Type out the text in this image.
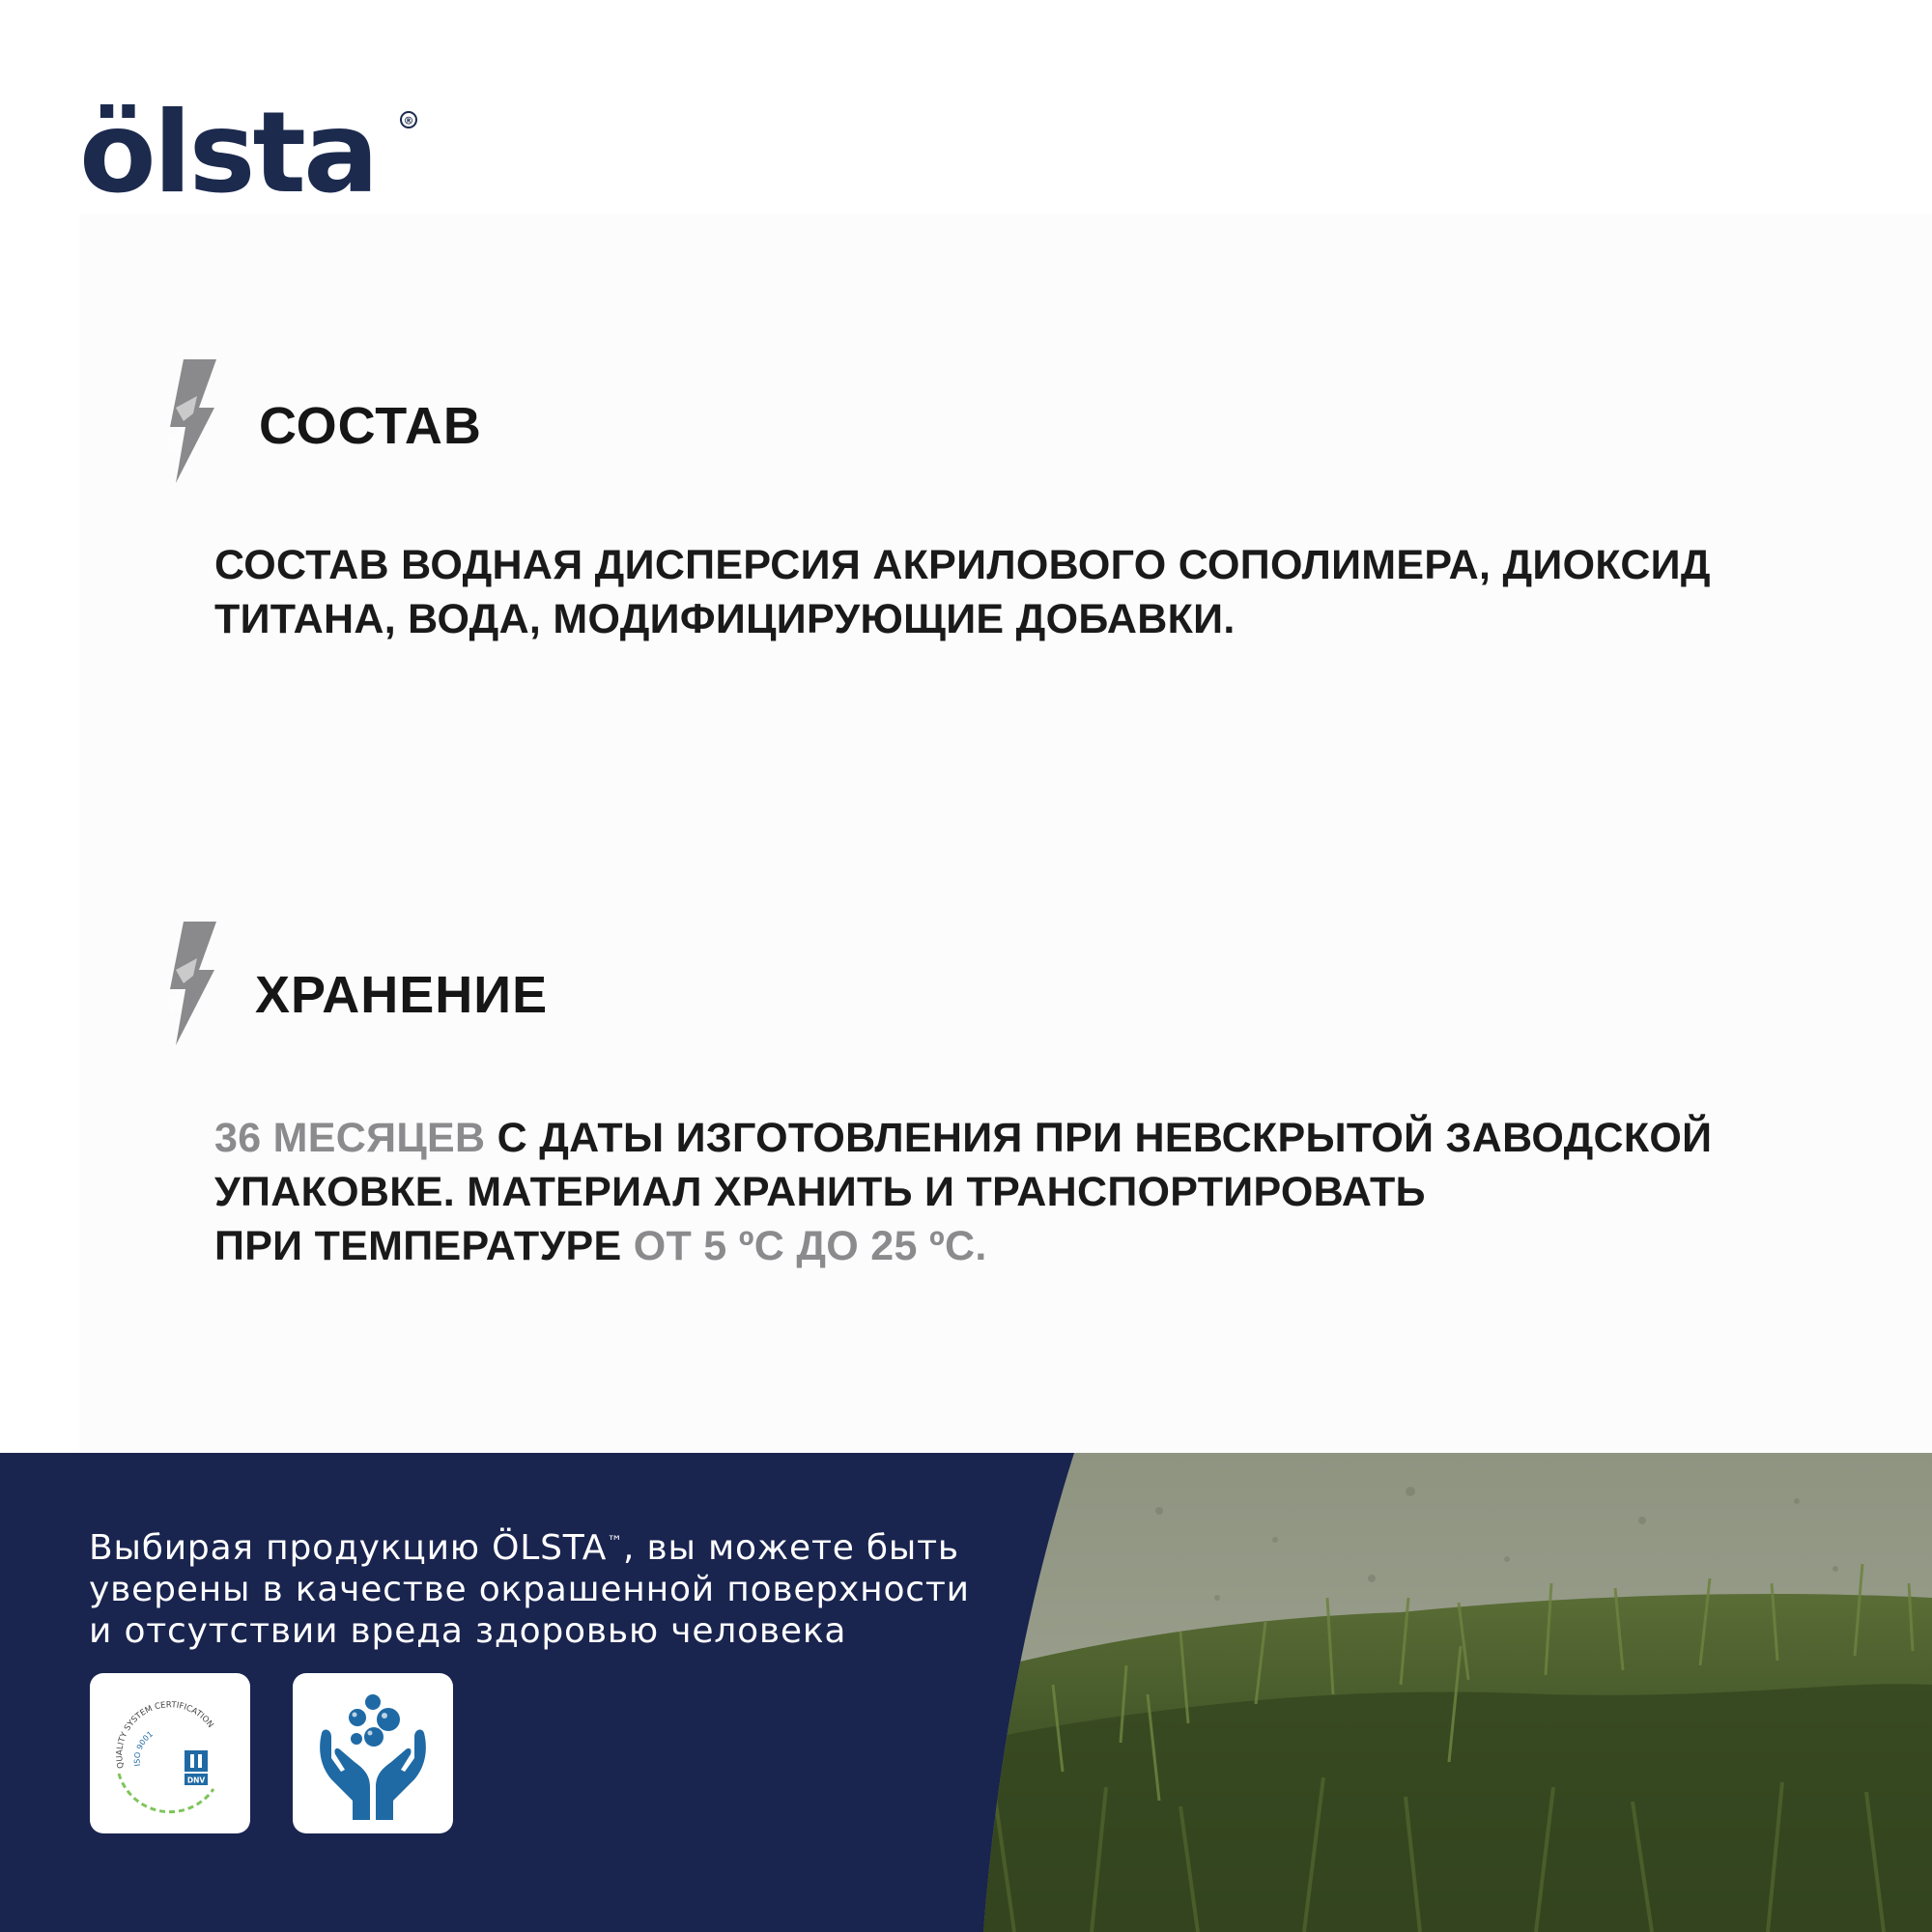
ölsta	®
СОСТАВ

СОСТАВ ВОДНАЯ ДИСПЕРСИЯ АКРИЛОВОГО СОПОЛИМЕРА, ДИОКСИД
ТИТАНА, ВОДА, МОДИФИЦИРУЮЩИЕ ДОБАВКИ.

ХРАНЕНИЕ

36 МЕСЯЦЕВ С ДАТЫ ИЗГОТОВЛЕНИЯ ПРИ НЕВСКРЫТОЙ ЗАВОДСКОЙ
УПАКОВКЕ. МАТЕРИАЛ ХРАНИТЬ И ТРАНСПОРТИРОВАТЬ
ПРИ ТЕМПЕРАТУРЕ ОТ 5 ºС ДО 25 ºС.

Выбирая продукцию ÖLSTA™, вы можете быть
уверены в качестве окрашенной поверхности
и отсутствии вреда здоровью человека

QUALITY SYSTEM CERTIFICATION
ISO 9001
DNV
